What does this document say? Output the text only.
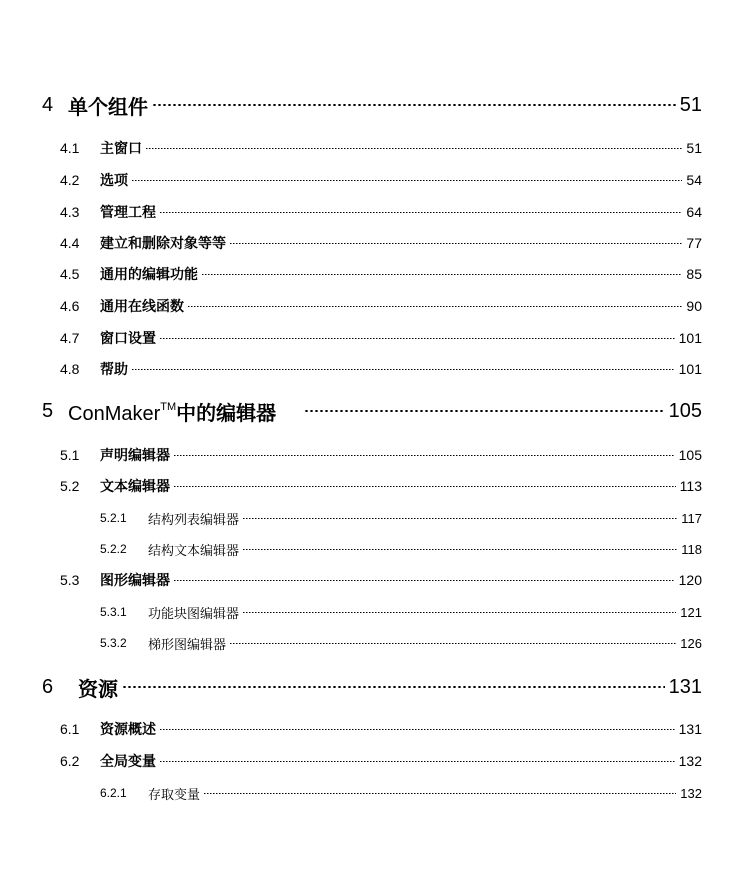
4 单个组件	51
4.1	主窗口	51
4.2	选项	54
4.3	管理工程	64
4.4	建立和删除对象等等	77
4.5	通用的编辑功能	85
4.6	通用在线函数	90
4.7	窗口设置	101
4.8	帮助	101
5 ConMaker™中的编辑器	105
5.1	声明编辑器	105
5.2	文本编辑器	113
5.2.1	结构列表编辑器	117
5.2.2	结构文本编辑器	118
5.3	图形编辑器	120
5.3.1	功能块图编辑器	121
5.3.2	梯形图编辑器	126
6	资源	131
6.1	资源概述	131
6.2	全局变量	132
6.2.1	存取变量	132
